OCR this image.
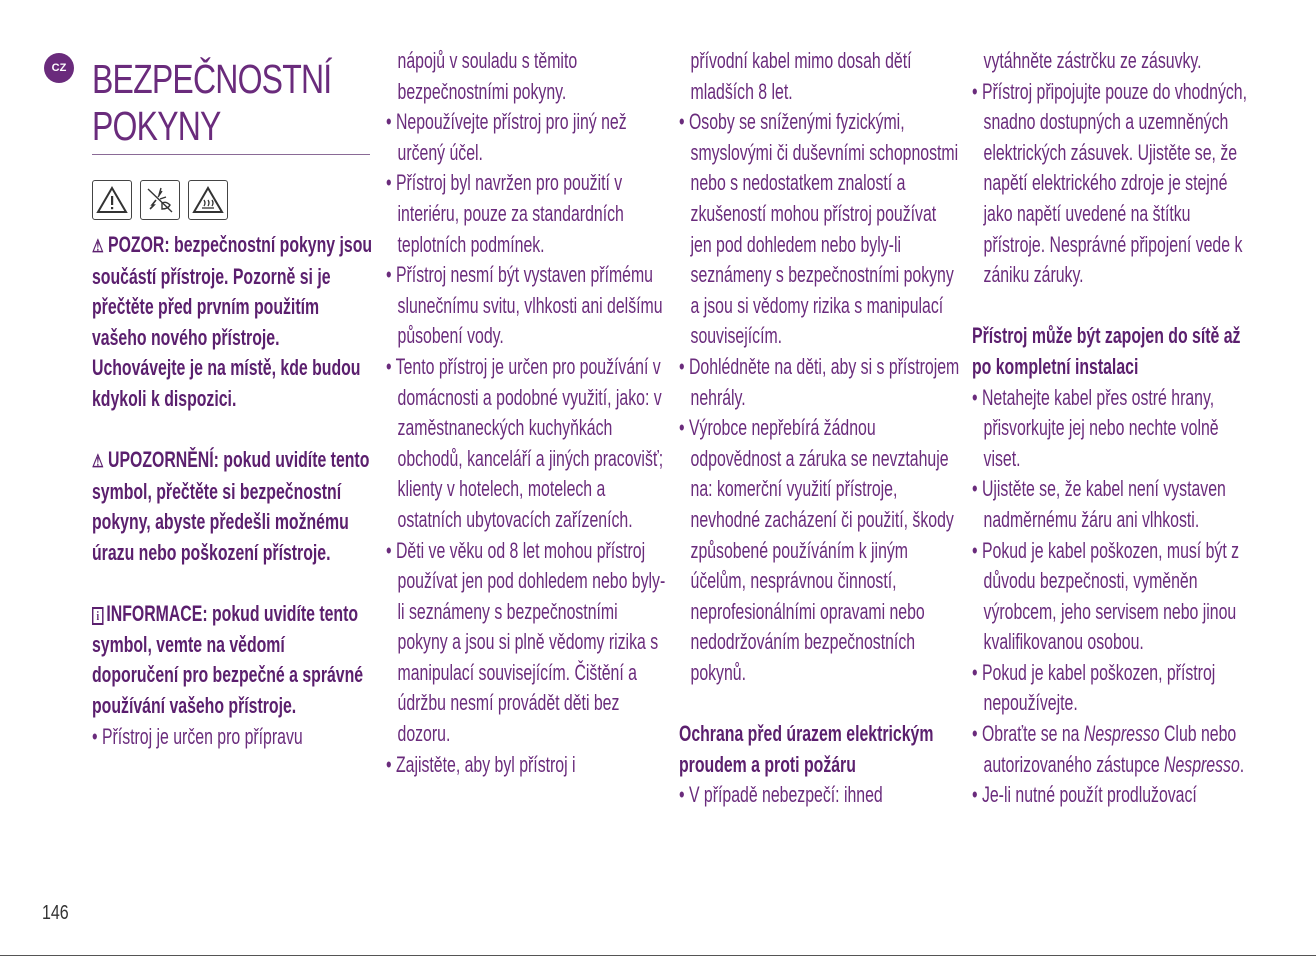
CZ BEZPEČNOSTNÍ
POKYNY

⚠ POZOR: bezpečnostní pokyny jsou součástí přístroje. Pozorně si je přečtěte před prvním použitím vašeho nového přístroje. Uchovávejte je na místě, kde budou kdykoli k dispozici.

⚠ UPOZORNĚNÍ: pokud uvidíte tento symbol, přečtěte si bezpečnostní pokyny, abyste předešli možnému úrazu nebo poškození přístroje.

i INFORMACE: pokud uvidíte tento symbol, vemte na vědomí doporučení pro bezpečné a správné používání vašeho přístroje.

• Přístroj je určen pro přípravu

nápojů v souladu s těmito bezpečnostními pokyny.

• Nepoužívejte přístroj pro jiný než určený účel.

• Přístroj byl navržen pro použití v interiéru, pouze za standardních teplotních podmínek.

• Přístroj nesmí být vystaven přímému slunečnímu svitu, vlhkosti ani delšímu působení vody.

• Tento přístroj je určen pro používání v domácnosti a podobné využití, jako: v zaměstnaneckých kuchyňkách obchodů, kanceláří a jiných pracovišť; klienty v hotelech, motelech a ostatních ubytovacích zařízeních.

• Děti ve věku od 8 let mohou přístroj používat jen pod dohledem nebo byly-li seznámeny s bezpečnostními pokyny a jsou si plně vědomy rizika s manipulací souvisejícím. Čištění a údržbu nesmí provádět děti bez dozoru.

• Zajistěte, aby byl přístroj i

přívodní kabel mimo dosah dětí mladších 8 let.

• Osoby se sníženými fyzickými, smyslovými či duševními schopnostmi nebo s nedostatkem znalostí a zkušeností mohou přístroj používat jen pod dohledem nebo byly-li seznámeny s bezpečnostními pokyny a jsou si vědomy rizika s manipulací souvisejícím.

• Dohlédněte na děti, aby si s přístrojem nehrály.

• Výrobce nepřebírá žádnou odpovědnost a záruka se nevztahuje na: komerční využití přístroje, nevhodné zacházení či použití, škody způsobené používáním k jiným účelům, nesprávnou činností, neprofesionálními opravami nebo nedodržováním bezpečnostních pokynů.

Ochrana před úrazem elektrickým proudem a proti požáru

• V případě nebezpečí: ihned

vytáhněte zástrčku ze zásuvky.

• Přístroj připojujte pouze do vhodných, snadno dostupných a uzemněných elektrických zásuvek. Ujistěte se, že napětí elektrického zdroje je stejné jako napětí uvedené na štítku přístroje. Nesprávné připojení vede k zániku záruky.

Přístroj může být zapojen do sítě až po kompletní instalaci

• Netahejte kabel přes ostré hrany, přisvorkujte jej nebo nechte volně viset.

• Ujistěte se, že kabel není vystaven nadměrnému žáru ani vlhkosti.

• Pokud je kabel poškozen, musí být z důvodu bezpečnosti, vyměněn výrobcem, jeho servisem nebo jinou kvalifikovanou osobou.

• Pokud je kabel poškozen, přístroj nepoužívejte.

• Obraťte se na Nespresso Club nebo autorizovaného zástupce Nespresso.

• Je-li nutné použít prodlužovací

146
